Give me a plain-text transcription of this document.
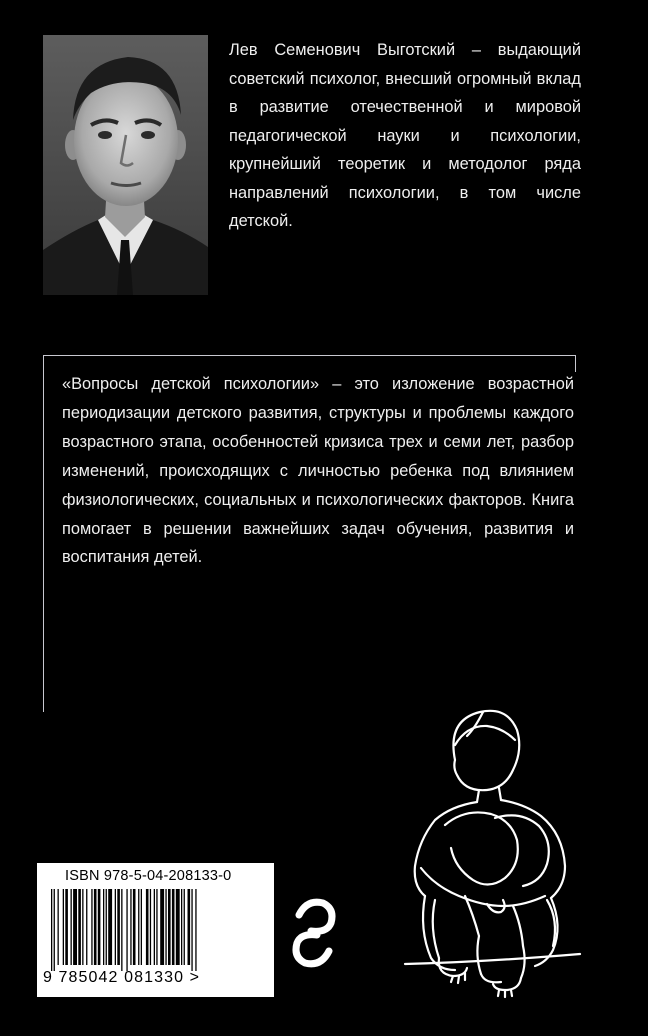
Лев Семенович Выготский – выдающий советский психолог, внесший огромный вклад в развитие отечественной и мировой педагогической науки и психологии, крупнейший теоретик и методолог ряда направлений психологии, в том числе детской.

«Вопросы детской психологии» – это изложение возрастной периодизации детского развития, структуры и проблемы каждого возрастного этапа, особенностей кризиса трех и семи лет, разбор изменений, происходящих с личностью ребенка под влиянием физиологических, социальных и психологических факторов. Книга помогает в решении важнейших задач обучения, развития и воспитания детей.

ISBN 978-5-04-208133-0
9 785042 081330 >
